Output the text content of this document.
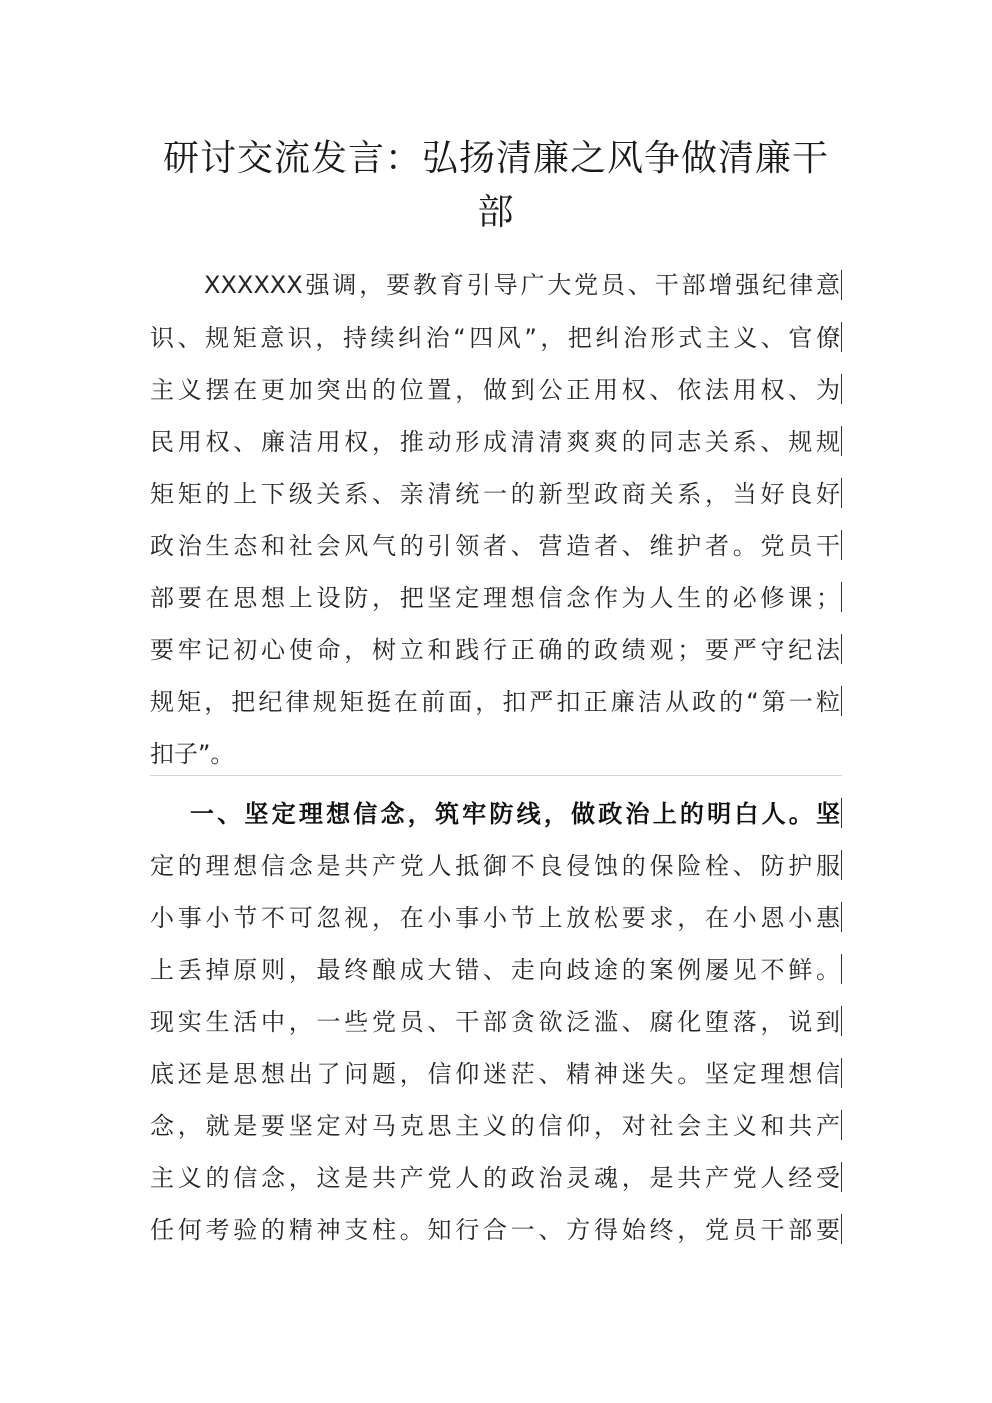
研讨交流发言：弘扬清廉之风争做清廉干
部
XXXXXX强调，要教育引导广大党员、干部增强纪律意
识、规矩意识，持续纠治“四风”，把纠治形式主义、官僚
主义摆在更加突出的位置，做到公正用权、依法用权、为
民用权、廉洁用权，推动形成清清爽爽的同志关系、规规
矩矩的上下级关系、亲清统一的新型政商关系，当好良好
政治生态和社会风气的引领者、营造者、维护者。党员干
部要在思想上设防，把坚定理想信念作为人生的必修课；
要牢记初心使命，树立和践行正确的政绩观；要严守纪法
规矩，把纪律规矩挺在前面，扣严扣正廉洁从政的“第一粒
扣子”。
一、坚定理想信念，筑牢防线，做政治上的明白人。坚
定的理想信念是共产党人抵御不良侵蚀的保险栓、防护服
小事小节不可忽视，在小事小节上放松要求，在小恩小惠
上丢掉原则，最终酿成大错、走向歧途的案例屡见不鲜。
现实生活中，一些党员、干部贪欲泛滥、腐化堕落，说到
底还是思想出了问题，信仰迷茫、精神迷失。坚定理想信
念，就是要坚定对马克思主义的信仰，对社会主义和共产
主义的信念，这是共产党人的政治灵魂，是共产党人经受
任何考验的精神支柱。知行合一、方得始终，党员干部要
